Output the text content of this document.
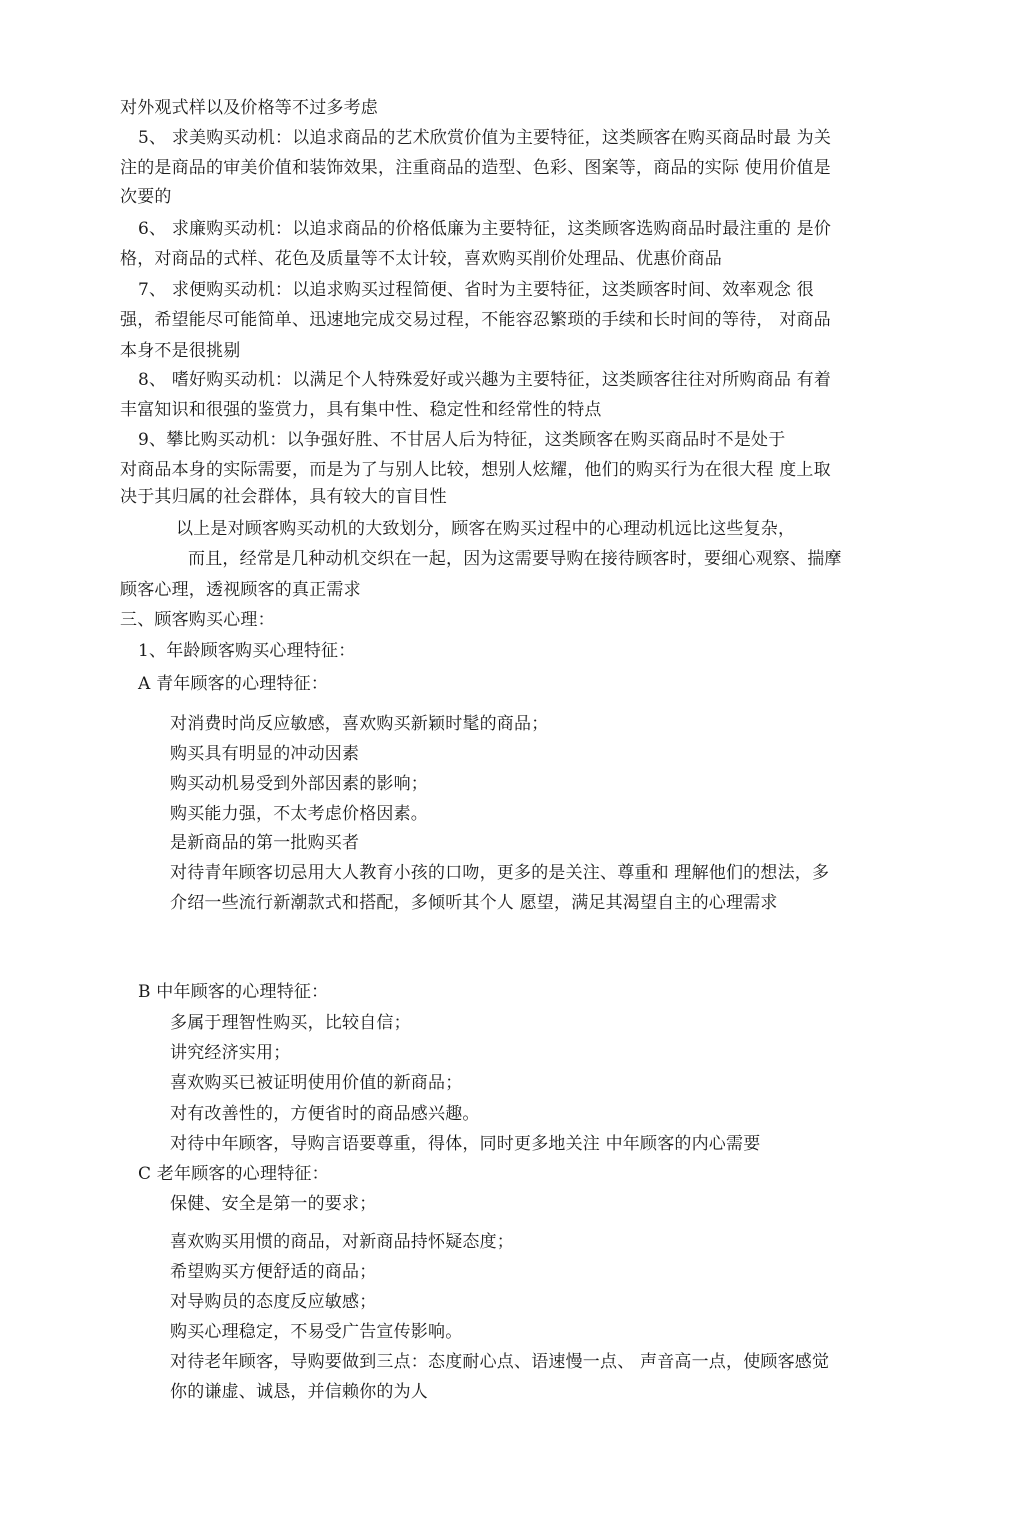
对外观式样以及价格等不过多考虑
5、 求美购买动机：以追求商品的艺术欣赏价值为主要特征，这类顾客在购买商品时最 为关
注的是商品的审美价值和装饰效果，注重商品的造型、色彩、图案等，商品的实际 使用价值是
次要的
6、 求廉购买动机：以追求商品的价格低廉为主要特征，这类顾客选购商品时最注重的 是价
格，对商品的式样、花色及质量等不太计较，喜欢购买削价处理品、优惠价商品
7、 求便购买动机：以追求购买过程简便、省时为主要特征，这类顾客时间、效率观念 很
强，希望能尽可能简单、迅速地完成交易过程，不能容忍繁琐的手续和长时间的等待， 对商品
本身不是很挑剔
8、 嗜好购买动机：以满足个人特殊爱好或兴趣为主要特征，这类顾客往往对所购商品 有着
丰富知识和很强的鉴赏力，具有集中性、稳定性和经常性的特点
9、攀比购买动机：以争强好胜、不甘居人后为特征，这类顾客在购买商品时不是处于
对商品本身的实际需要，而是为了与别人比较，想别人炫耀，他们的购买行为在很大程 度上取
决于其归属的社会群体，具有较大的盲目性
以上是对顾客购买动机的大致划分，顾客在购买过程中的心理动机远比这些复杂，
而且，经常是几种动机交织在一起，因为这需要导购在接待顾客时，要细心观察、揣摩
顾客心理，透视顾客的真正需求
三、顾客购买心理：
1、年龄顾客购买心理特征：
A 青年顾客的心理特征：
对消费时尚反应敏感，喜欢购买新颖时髦的商品；
购买具有明显的冲动因素
购买动机易受到外部因素的影响；
购买能力强，不太考虑价格因素。
是新商品的第一批购买者
对待青年顾客切忌用大人教育小孩的口吻，更多的是关注、尊重和 理解他们的想法，多
介绍一些流行新潮款式和搭配，多倾听其个人 愿望，满足其渴望自主的心理需求
B 中年顾客的心理特征：
多属于理智性购买，比较自信；
讲究经济实用；
喜欢购买已被证明使用价值的新商品；
对有改善性的，方便省时的商品感兴趣。
对待中年顾客，导购言语要尊重，得体，同时更多地关注 中年顾客的内心需要
C 老年顾客的心理特征：
保健、安全是第一的要求；
喜欢购买用惯的商品，对新商品持怀疑态度；
希望购买方便舒适的商品；
对导购员的态度反应敏感；
购买心理稳定，不易受广告宣传影响。
对待老年顾客，导购要做到三点：态度耐心点、语速慢一点、 声音高一点，使顾客感觉
你的谦虚、诚恳，并信赖你的为人
